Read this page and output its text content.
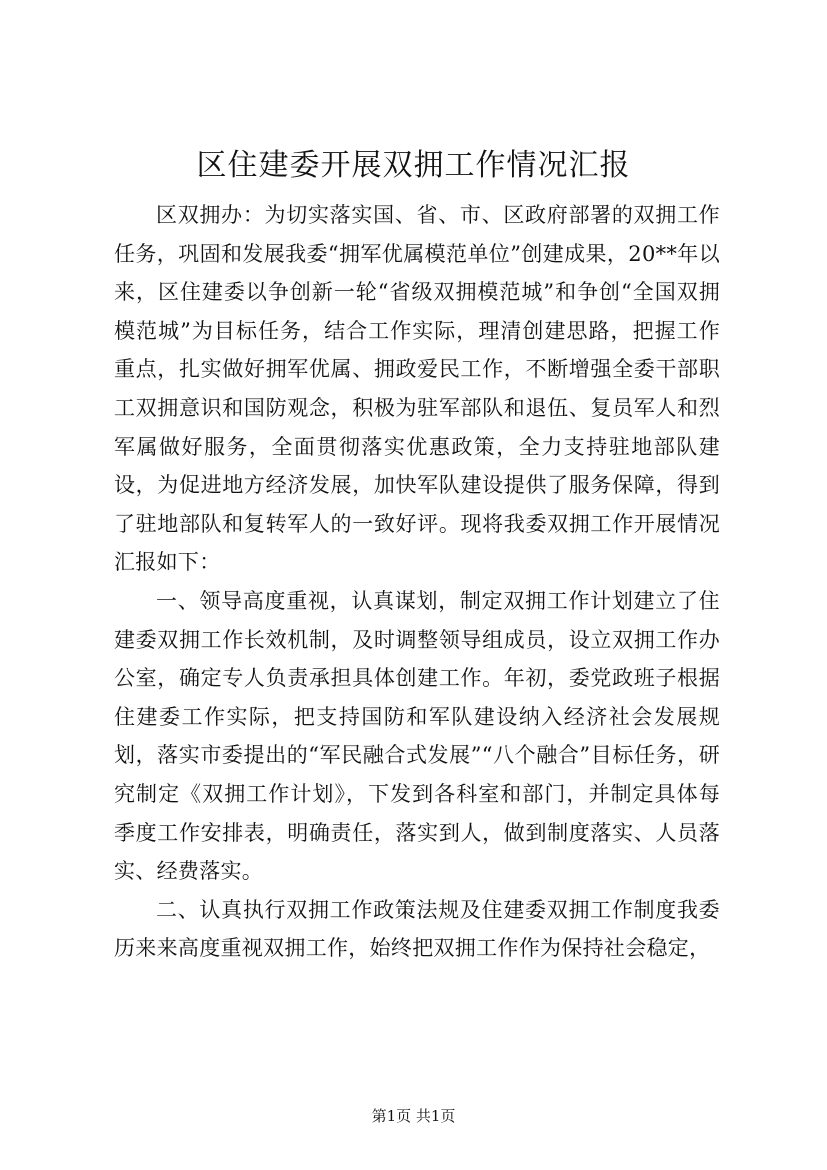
区住建委开展双拥工作情况汇报

区双拥办：为切实落实国、省、市、区政府部署的双拥工作任务，巩固和发展我委“拥军优属模范单位”创建成果，20**年以来，区住建委以争创新一轮“省级双拥模范城”和争创“全国双拥模范城”为目标任务，结合工作实际，理清创建思路，把握工作重点，扎实做好拥军优属、拥政爱民工作，不断增强全委干部职工双拥意识和国防观念，积极为驻军部队和退伍、复员军人和烈军属做好服务，全面贯彻落实优惠政策，全力支持驻地部队建设，为促进地方经济发展，加快军队建设提供了服务保障，得到了驻地部队和复转军人的一致好评。现将我委双拥工作开展情况汇报如下：

一、领导高度重视，认真谋划，制定双拥工作计划建立了住建委双拥工作长效机制，及时调整领导组成员，设立双拥工作办公室，确定专人负责承担具体创建工作。年初，委党政班子根据住建委工作实际，把支持国防和军队建设纳入经济社会发展规划，落实市委提出的“军民融合式发展”“八个融合”目标任务，研究制定《双拥工作计划》，下发到各科室和部门，并制定具体每季度工作安排表，明确责任，落实到人，做到制度落实、人员落实、经费落实。

二、认真执行双拥工作政策法规及住建委双拥工作制度我委历来来高度重视双拥工作，始终把双拥工作作为保持社会稳定，

第1页 共1页
